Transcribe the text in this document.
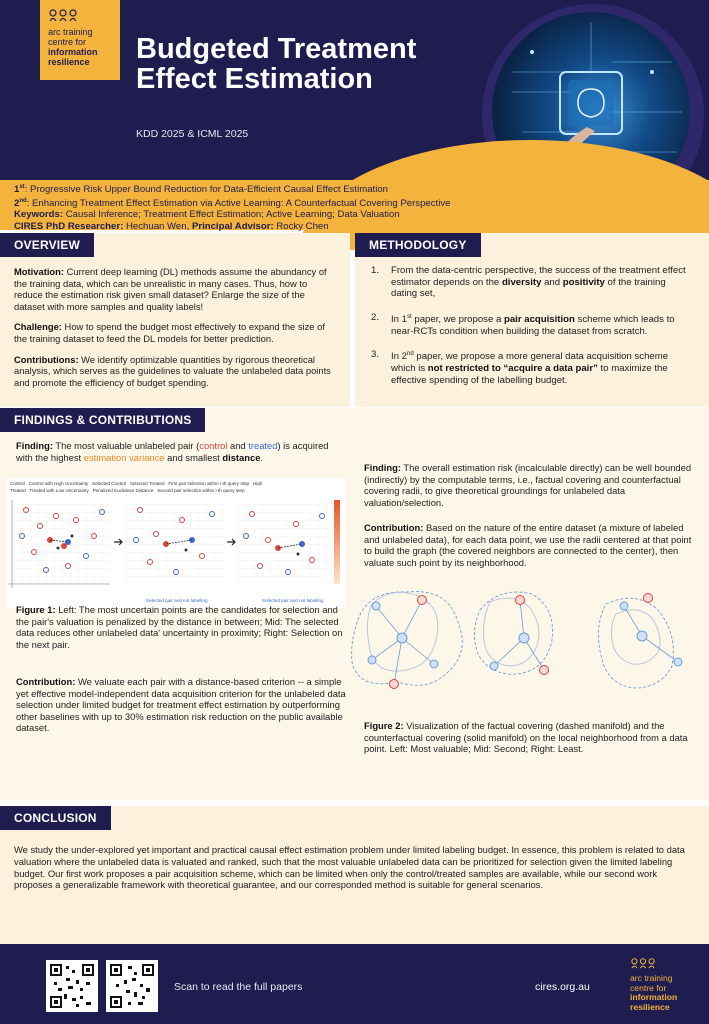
arc training
centre for
information
resilience	Budgeted Treatment
Effect Estimation
KDD 2025 & ICML 2025
1st: Progressive Risk Upper Bound Reduction for Data-Efficient Causal Effect Estimation
2nd: Enhancing Treatment Effect Estimation via Active Learning: A Counterfactual Covering Perspective
Keywords: Causal Inference; Treatment Effect Estimation; Active Learning; Data Valuation
CIRES PhD Researcher: Hechuan Wen, Principal Advisor: Rocky Chen
OVERVIEW

Motivation: Current deep learning (DL) methods assume the abundancy of the training data, which can be unrealistic in many cases. Thus, how to reduce the estimation risk given small dataset? Enlarge the size of the dataset with more samples and quality labels!

Challenge: How to spend the budget most effectively to expand the size of the training dataset to feed the DL models for better prediction.

Contributions: We identify optimizable quantities by rigorous theoretical analysis, which serves as the guidelines to valuate the unlabeled data points and promote the efficiency of budget spending.

METHODOLOGY
1. From the data-centric perspective, the success of the treatment effect estimator depends on the diversity and positivity of the training dating set,
2. In 1st paper, we propose a pair acquisition scheme which leads to near-RCTs condition when building the dataset from scratch.
3. In 2nd paper, we propose a more general data acquisition scheme which is not restricted to “acquire a data pair” to maximize the effective spending of the labelling budget.
FINDINGS & CONTRIBUTIONS
Finding: The most valuable unlabeled pair (control and treated) is acquired with the highest estimation variance and smallest distance.
Control Control with High Uncertainty Selected Control Selected Treated First pair selection within i-th query step High
Treated Treated with Low Uncertainty Penalized Euclidean Distance Second pair selection within i-th query step
Selected pair and not labelling	Selected pair and not labelling
Figure 1: Left: The most uncertain points are the candidates for selection and the pair's valuation is penalized by the distance in between; Mid: The selected data reduces other unlabeled data' uncertainty in proximity; Right: Selection on the next pair.
Contribution: We valuate each pair with a distance-based criterion -- a simple yet effective model-independent data acquisition criterion for the unlabeled data selection under limited budget for treatment effect estimation by outperforming other baselines with up to 30% estimation risk reduction on the public available dataset.
Finding: The overall estimation risk (incalculable directly) can be well bounded (indirectly) by the computable terms, i.e., factual covering and counterfactual covering radii, to give theoretical groundings for unlabeled data valuation/selection.
Contribution: Based on the nature of the entire dataset (a mixture of labeled and unlabeled data), for each data point, we use the radii centered at that point to build the graph (the covered neighbors are connected to the center), then valuate such point by its neighborhood.
Figure 2: Visualization of the factual covering (dashed manifold) and the counterfactual covering (solid manifold) on the local neighborhood from a data point. Left: Most valuable; Mid: Second; Right: Least.
CONCLUSION

We study the under-explored yet important and practical causal effect estimation problem under limited labeling budget. In essence, this problem is related to data valuation where the unlabeled data is valuated and ranked, such that the most valuable unlabeled data can be prioritized for selection given the limited labeling budget. Our first work proposes a pair acquisition scheme, which can be limited when only the control/treated samples are available, while our second work proposes a generalizable framework with theoretical guarantee, and our corresponded method is suitable for general scenarios.

Scan to read the full papers	cires.org.au
arc training
centre for
information
resilience
